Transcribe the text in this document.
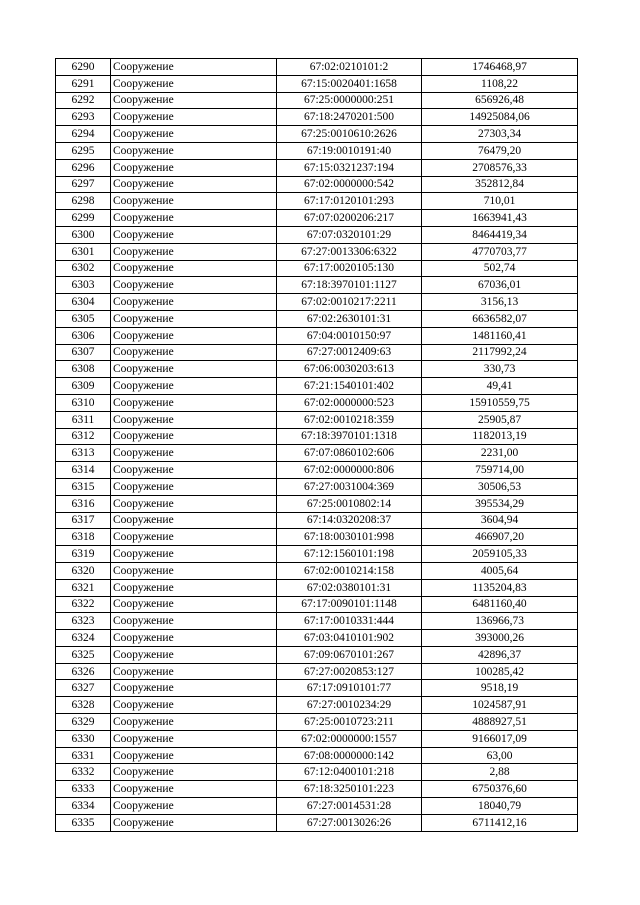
6290	Сооружение	67:02:0210101:2	1746468,97
6291	Сооружение	67:15:0020401:1658	1108,22
6292	Сооружение	67:25:0000000:251	656926,48
6293	Сооружение	67:18:2470201:500	14925084,06
6294	Сооружение	67:25:0010610:2626	27303,34
6295	Сооружение	67:19:0010191:40	76479,20
6296	Сооружение	67:15:0321237:194	2708576,33
6297	Сооружение	67:02:0000000:542	352812,84
6298	Сооружение	67:17:0120101:293	710,01
6299	Сооружение	67:07:0200206:217	1663941,43
6300	Сооружение	67:07:0320101:29	8464419,34
6301	Сооружение	67:27:0013306:6322	4770703,77
6302	Сооружение	67:17:0020105:130	502,74
6303	Сооружение	67:18:3970101:1127	67036,01
6304	Сооружение	67:02:0010217:2211	3156,13
6305	Сооружение	67:02:2630101:31	6636582,07
6306	Сооружение	67:04:0010150:97	1481160,41
6307	Сооружение	67:27:0012409:63	2117992,24
6308	Сооружение	67:06:0030203:613	330,73
6309	Сооружение	67:21:1540101:402	49,41
6310	Сооружение	67:02:0000000:523	15910559,75
6311	Сооружение	67:02:0010218:359	25905,87
6312	Сооружение	67:18:3970101:1318	1182013,19
6313	Сооружение	67:07:0860102:606	2231,00
6314	Сооружение	67:02:0000000:806	759714,00
6315	Сооружение	67:27:0031004:369	30506,53
6316	Сооружение	67:25:0010802:14	395534,29
6317	Сооружение	67:14:0320208:37	3604,94
6318	Сооружение	67:18:0030101:998	466907,20
6319	Сооружение	67:12:1560101:198	2059105,33
6320	Сооружение	67:02:0010214:158	4005,64
6321	Сооружение	67:02:0380101:31	1135204,83
6322	Сооружение	67:17:0090101:1148	6481160,40
6323	Сооружение	67:17:0010331:444	136966,73
6324	Сооружение	67:03:0410101:902	393000,26
6325	Сооружение	67:09:0670101:267	42896,37
6326	Сооружение	67:27:0020853:127	100285,42
6327	Сооружение	67:17:0910101:77	9518,19
6328	Сооружение	67:27:0010234:29	1024587,91
6329	Сооружение	67:25:0010723:211	4888927,51
6330	Сооружение	67:02:0000000:1557	9166017,09
6331	Сооружение	67:08:0000000:142	63,00
6332	Сооружение	67:12:0400101:218	2,88
6333	Сооружение	67:18:3250101:223	6750376,60
6334	Сооружение	67:27:0014531:28	18040,79
6335	Сооружение	67:27:0013026:26	6711412,16
